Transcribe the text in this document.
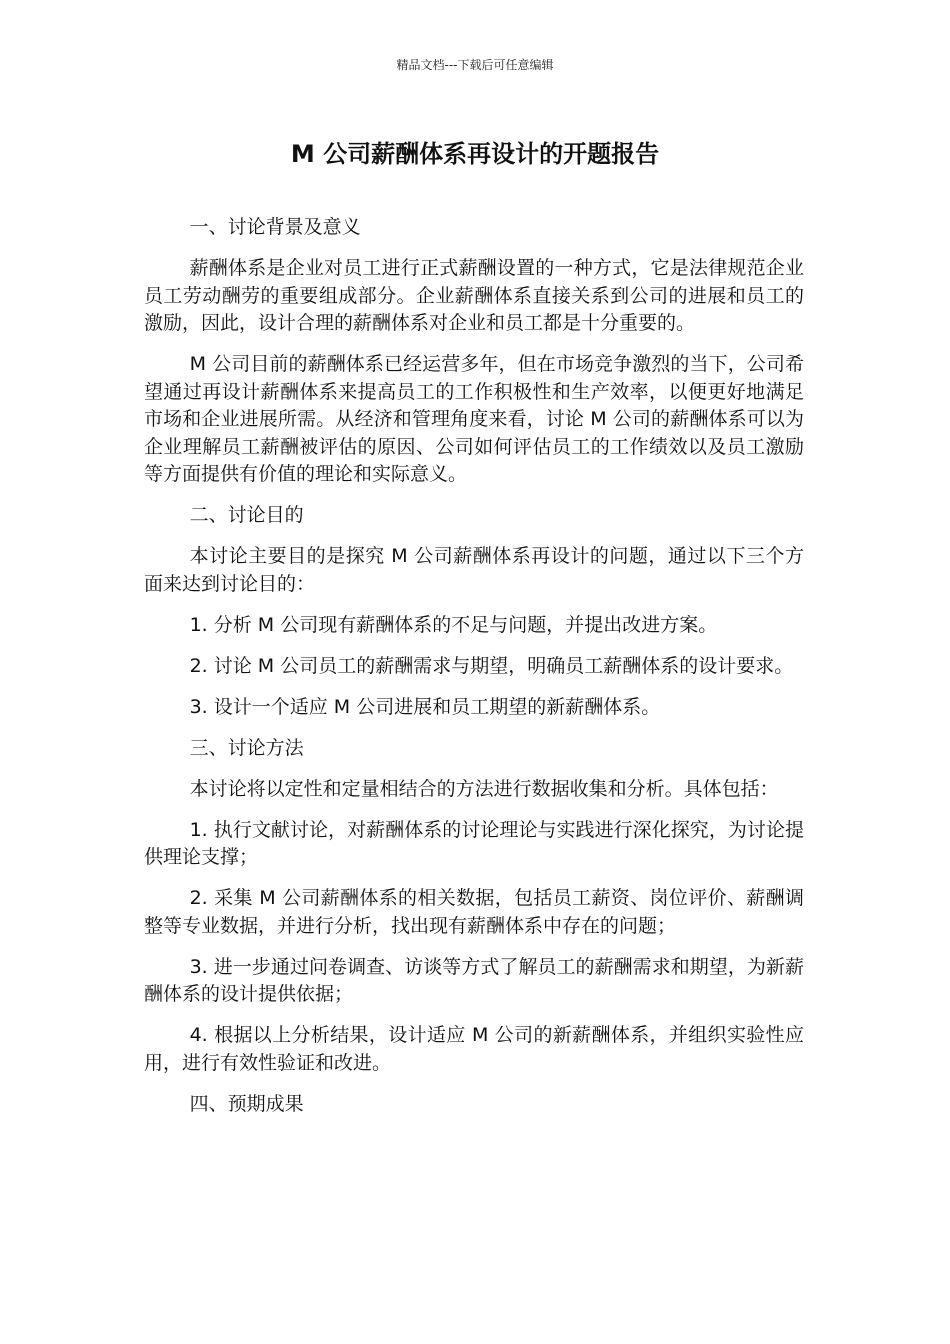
精品文档---下载后可任意编辑
M 公司薪酬体系再设计的开题报告

一、讨论背景及意义

薪酬体系是企业对员工进行正式薪酬设置的一种方式，它是法律规范企业员工劳动酬劳的重要组成部分。企业薪酬体系直接关系到公司的进展和员工的激励，因此，设计合理的薪酬体系对企业和员工都是十分重要的。

M 公司目前的薪酬体系已经运营多年，但在市场竞争激烈的当下，公司希望通过再设计薪酬体系来提高员工的工作积极性和生产效率，以便更好地满足市场和企业进展所需。从经济和管理角度来看，讨论 M 公司的薪酬体系可以为企业理解员工薪酬被评估的原因、公司如何评估员工的工作绩效以及员工激励等方面提供有价值的理论和实际意义。

二、讨论目的

本讨论主要目的是探究 M 公司薪酬体系再设计的问题，通过以下三个方面来达到讨论目的：

1. 分析 M 公司现有薪酬体系的不足与问题，并提出改进方案。

2. 讨论 M 公司员工的薪酬需求与期望，明确员工薪酬体系的设计要求。

3. 设计一个适应 M 公司进展和员工期望的新薪酬体系。

三、讨论方法

本讨论将以定性和定量相结合的方法进行数据收集和分析。具体包括：

1. 执行文献讨论，对薪酬体系的讨论理论与实践进行深化探究，为讨论提供理论支撑；

2. 采集 M 公司薪酬体系的相关数据，包括员工薪资、岗位评价、薪酬调整等专业数据，并进行分析，找出现有薪酬体系中存在的问题；

3. 进一步通过问卷调查、访谈等方式了解员工的薪酬需求和期望，为新薪酬体系的设计提供依据；

4. 根据以上分析结果，设计适应 M 公司的新薪酬体系，并组织实验性应用，进行有效性验证和改进。

四、预期成果
